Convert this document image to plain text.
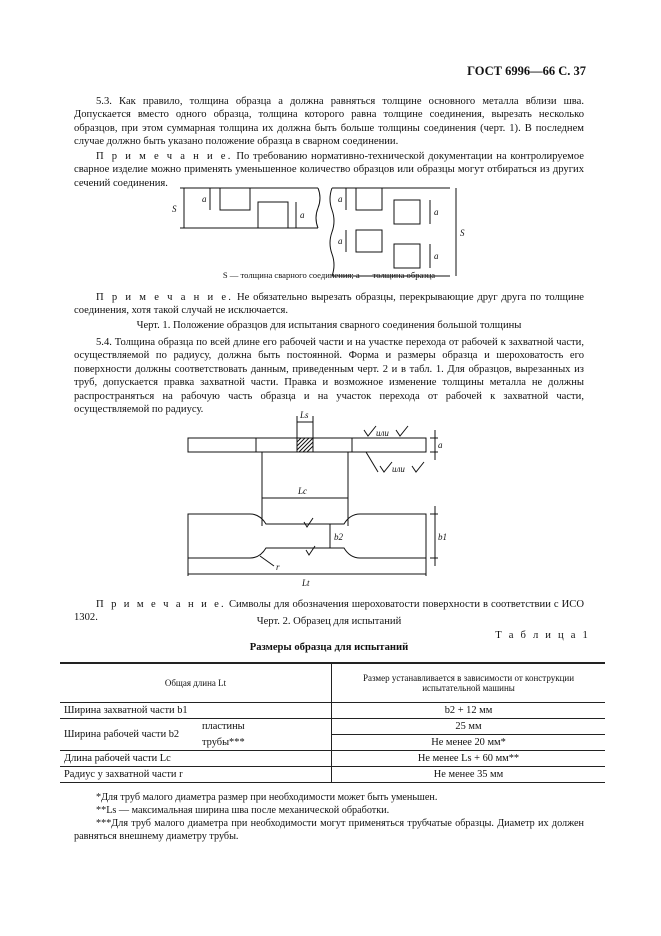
ГОСТ 6996—66 С. 37
5.3. Как правило, толщина образца a должна равняться толщине основного металла вблизи шва. Допускается вместо одного образца, толщина которого равна толщине соединения, вырезать несколько образцов, при этом суммарная толщина их должна быть больше толщины соединения (черт. 1). В последнем случае должно быть указано положение образца в сварном соединении.
П р и м е ч а н и е. По требованию нормативно-технической документации на контролируемое сварное изделие можно применять уменьшенное количество образцов или образцы могут отбираться из других сечений соединения.
S
a
a
a
a
a
a
S
S — толщина сварного соединения; a — толщина образца
П р и м е ч а н и е. Не обязательно вырезать образцы, перекрывающие друг друга по толщине соединения, хотя такой случай не исключается.
Черт. 1. Положение образцов для испытания сварного соединения большой толщины
5.4. Толщина образца по всей длине его рабочей части и на участке перехода от рабочей к захватной части, осуществляемой по радиусу, должна быть постоянной. Форма и размеры образца и шероховатость его поверхности должны соответствовать данным, приведенным черт. 2 и в табл. 1. Для образцов, вырезанных из труб, допускается правка захватной части. Правка и возможное изменение толщины металла не должны распространяться на рабочую часть образца и на участок перехода от рабочей к захватной части, осуществляемой по радиусу.	Ls
a
или
или
Lc
b1
b2
r
Lt
П р и м е ч а н и е. Символы для обозначения шероховатости поверхности в соответствии с ИСО 1302.	Черт. 2. Образец для испытаний
Т а б л и ц а 1
Размеры образца для испытаний
Общая длина Lt		Размер устанавливается в зависимости от конструкции испытательной машины
Ширина захватной части b1		b2 + 12 мм
Ширина рабочей части b2	пластины	25 мм
	трубы***	Не менее 20 мм*
Длина рабочей части Lc		Не менее Ls + 60 мм**
Радиус у захватной части r		Не менее 35 мм
*Для труб малого диаметра размер при необходимости может быть уменьшен.
**Ls — максимальная ширина шва после механической обработки.
***Для труб малого диаметра при необходимости могут применяться трубчатые образцы. Диаметр их должен равняться внешнему диаметру трубы.
